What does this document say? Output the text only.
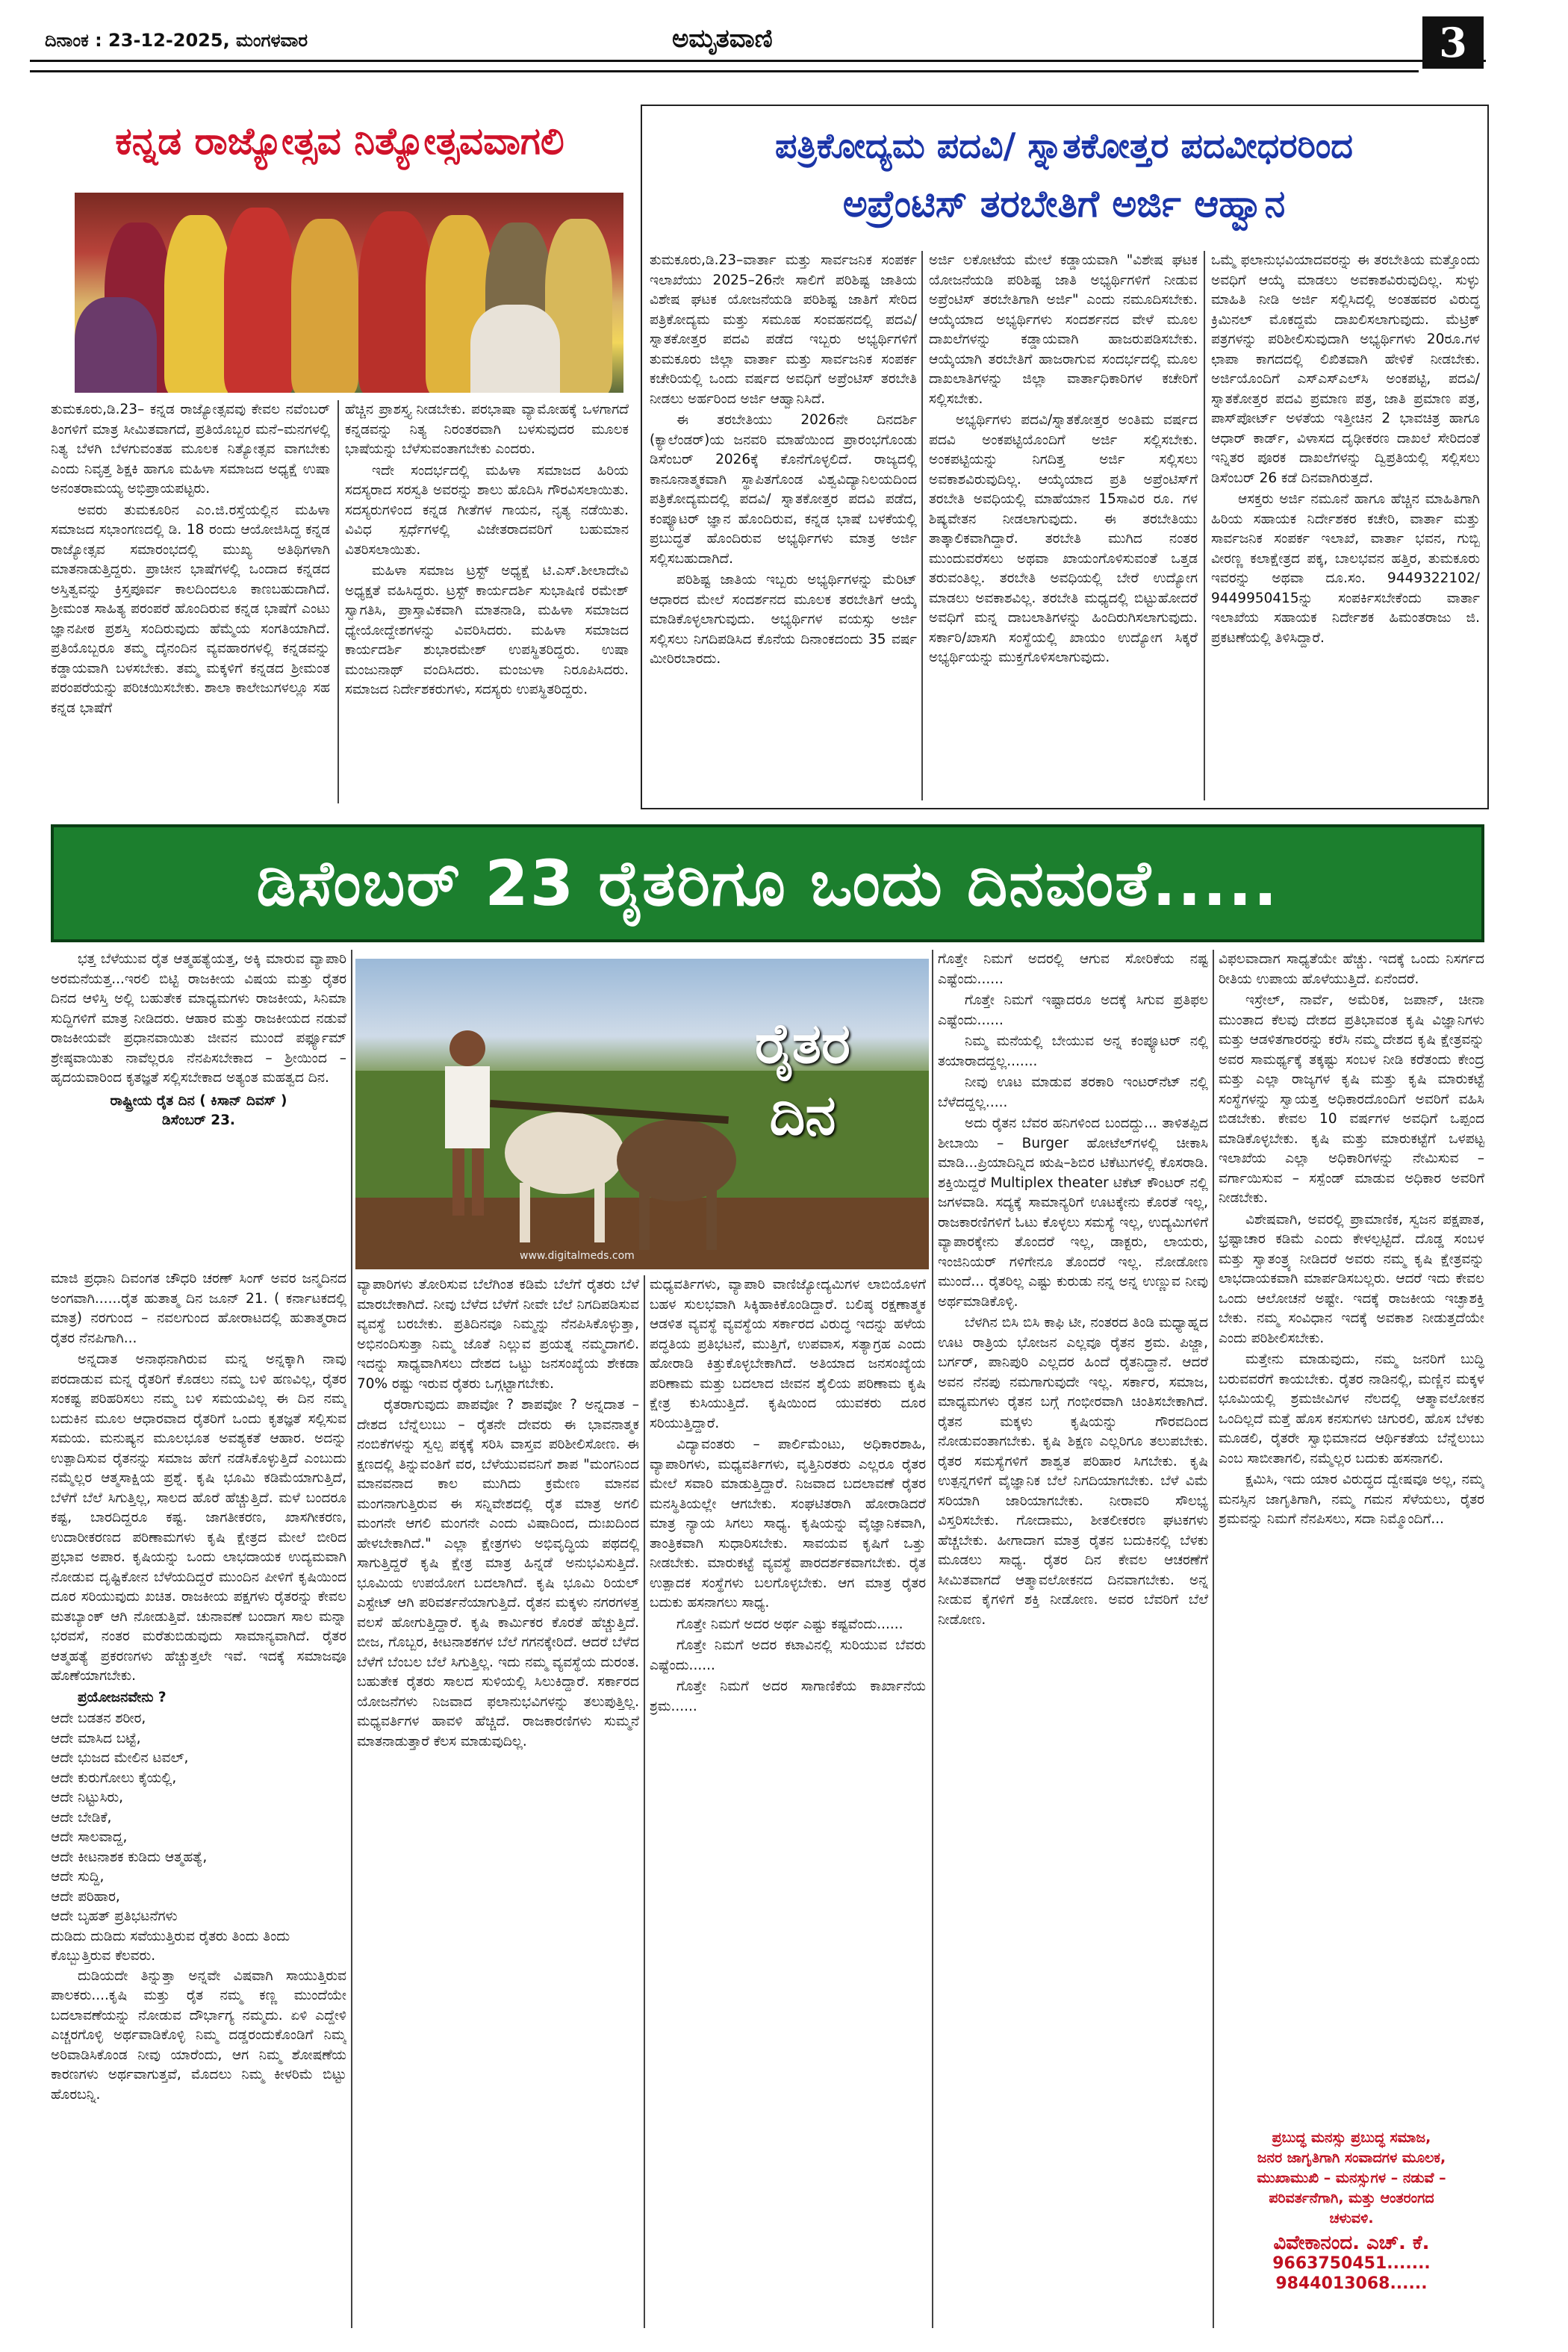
ದಿನಾಂಕ : 23-12-2025, ಮಂಗಳವಾರ	ಅಮೃತವಾಣಿ	3
ಕನ್ನಡ ರಾಜ್ಯೋತ್ಸವ ನಿತ್ಯೋತ್ಸವವಾಗಲಿ

ತುಮಕೂರು,ಡಿ.23– ಕನ್ನಡ ರಾಜ್ಯೋತ್ಸವವು ಕೇವಲ ನವೆಂಬರ್ ತಿಂಗಳಿಗೆ ಮಾತ್ರ ಸೀಮಿತವಾಗದೆ, ಪ್ರತಿಯೊಬ್ಬರ ಮನೆ–ಮನಗಳಲ್ಲಿ ನಿತ್ಯ ಬೆಳಗಿ ಬೆಳಗುವಂತಹ ಮೂಲಕ ನಿತ್ಯೋತ್ಸವ ವಾಗಬೇಕು ಎಂದು ನಿವೃತ್ತ ಶಿಕ್ಷಕಿ ಹಾಗೂ ಮಹಿಳಾ ಸಮಾಜದ ಅಧ್ಯಕ್ಷೆ ಉಷಾ ಅನಂತರಾಮಯ್ಯ ಅಭಿಪ್ರಾಯಪಟ್ಟರು.

ಅವರು ತುಮಕೂರಿನ ಎಂ.ಜಿ.ರಸ್ತೆಯಲ್ಲಿನ ಮಹಿಳಾ ಸಮಾಜದ ಸಭಾಂಗಣದಲ್ಲಿ ಡಿ. 18 ರಂದು ಆಯೋಜಿಸಿದ್ದ ಕನ್ನಡ ರಾಜ್ಯೋತ್ಸವ ಸಮಾರಂಭದಲ್ಲಿ ಮುಖ್ಯ ಅತಿಥಿಗಳಾಗಿ ಮಾತನಾಡುತ್ತಿದ್ದರು. ಪ್ರಾಚೀನ ಭಾಷೆಗಳಲ್ಲಿ ಒಂದಾದ ಕನ್ನಡದ ಅಸ್ತಿತ್ವವನ್ನು ಕ್ರಿಸ್ತಪೂರ್ವ ಕಾಲದಿಂದಲೂ ಕಾಣಬಹುದಾಗಿದೆ. ಶ್ರೀಮಂತ ಸಾಹಿತ್ಯ ಪರಂಪರೆ ಹೊಂದಿರುವ ಕನ್ನಡ ಭಾಷೆಗೆ ಎಂಟು ಜ್ಞಾನಪೀಠ ಪ್ರಶಸ್ತಿ ಸಂದಿರುವುದು ಹೆಮ್ಮೆಯ ಸಂಗತಿಯಾಗಿದೆ. ಪ್ರತಿಯೊಬ್ಬರೂ ತಮ್ಮ ದೈನಂದಿನ ವ್ಯವಹಾರಗಳಲ್ಲಿ ಕನ್ನಡವನ್ನು ಕಡ್ಡಾಯವಾಗಿ ಬಳಸಬೇಕು. ತಮ್ಮ ಮಕ್ಕಳಿಗೆ ಕನ್ನಡದ ಶ್ರೀಮಂತ ಪರಂಪರೆಯನ್ನು ಪರಿಚಯಿಸಬೇಕು. ಶಾಲಾ ಕಾಲೇಜುಗಳಲ್ಲೂ ಸಹ ಕನ್ನಡ ಭಾಷೆಗೆ

ಹೆಚ್ಚಿನ ಪ್ರಾಶಸ್ತ್ಯ ನೀಡಬೇಕು. ಪರಭಾಷಾ ವ್ಯಾಮೋಹಕ್ಕೆ ಒಳಗಾಗದೆ ಕನ್ನಡವನ್ನು ನಿತ್ಯ ನಿರಂತರವಾಗಿ ಬಳಸುವುದರ ಮೂಲಕ ಭಾಷೆಯನ್ನು ಬೆಳೆಸುವಂತಾಗಬೇಕು ಎಂದರು.

ಇದೇ ಸಂದರ್ಭದಲ್ಲಿ ಮಹಿಳಾ ಸಮಾಜದ ಹಿರಿಯ ಸದಸ್ಯರಾದ ಸರಸ್ವತಿ ಅವರನ್ನು ಶಾಲು ಹೊದಿಸಿ ಗೌರವಿಸಲಾಯಿತು. ಸದಸ್ಯರುಗಳಿಂದ ಕನ್ನಡ ಗೀತೆಗಳ ಗಾಯನ, ನೃತ್ಯ ನಡೆಯಿತು. ವಿವಿಧ ಸ್ಪರ್ಧೆಗಳಲ್ಲಿ ವಿಜೇತರಾದವರಿಗೆ ಬಹುಮಾನ ವಿತರಿಸಲಾಯಿತು.

ಮಹಿಳಾ ಸಮಾಜ ಟ್ರಸ್ಟ್ ಅಧ್ಯಕ್ಷೆ ಟಿ.ಎಸ್.ಶೀಲಾದೇವಿ ಅಧ್ಯಕ್ಷತೆ ವಹಿಸಿದ್ದರು. ಟ್ರಸ್ಟ್ ಕಾರ್ಯದರ್ಶಿ ಸುಭಾಷಿಣಿ ರಮೇಶ್ ಸ್ವಾಗತಿಸಿ, ಪ್ರಾಸ್ತಾವಿಕವಾಗಿ ಮಾತನಾಡಿ, ಮಹಿಳಾ ಸಮಾಜದ ಧ್ಯೇಯೋದ್ದೇಶಗಳನ್ನು ವಿವರಿಸಿದರು. ಮಹಿಳಾ ಸಮಾಜದ ಕಾರ್ಯದರ್ಶಿ ಶುಭಾರಮೇಶ್ ಉಪಸ್ಥಿತರಿದ್ದರು. ಉಷಾ ಮಂಜುನಾಥ್ ವಂದಿಸಿದರು. ಮಂಜುಳಾ ನಿರೂಪಿಸಿದರು. ಸಮಾಜದ ನಿರ್ದೇಶಕರುಗಳು, ಸದಸ್ಯರು ಉಪಸ್ಥಿತರಿದ್ದರು.

ಪತ್ರಿಕೋದ್ಯಮ ಪದವಿ/ ಸ್ನಾತಕೋತ್ತರ ಪದವೀಧರರಿಂದ
ಅಪ್ರೆಂಟಿಸ್ ತರಬೇತಿಗೆ ಅರ್ಜಿ ಆಹ್ವಾನ

ತುಮಕೂರು,ಡಿ.23–ವಾರ್ತಾ ಮತ್ತು ಸಾರ್ವಜನಿಕ ಸಂಪರ್ಕ ಇಲಾಖೆಯು 2025–26ನೇ ಸಾಲಿಗೆ ಪರಿಶಿಷ್ಟ ಜಾತಿಯ ವಿಶೇಷ ಘಟಕ ಯೋಜನೆಯಡಿ ಪರಿಶಿಷ್ಟ ಜಾತಿಗೆ ಸೇರಿದ ಪತ್ರಿಕೋದ್ಯಮ ಮತ್ತು ಸಮೂಹ ಸಂವಹನದಲ್ಲಿ ಪದವಿ/ ಸ್ನಾತಕೋತ್ತರ ಪದವಿ ಪಡೆದ ಇಬ್ಬರು ಅಭ್ಯರ್ಥಿಗಳಿಗೆ ತುಮಕೂರು ಜಿಲ್ಲಾ ವಾರ್ತಾ ಮತ್ತು ಸಾರ್ವಜನಿಕ ಸಂಪರ್ಕ ಕಚೇರಿಯಲ್ಲಿ ಒಂದು ವರ್ಷದ ಅವಧಿಗೆ ಅಪ್ರೆಂಟಿಸ್ ತರಬೇತಿ ನೀಡಲು ಅರ್ಹರಿಂದ ಅರ್ಜಿ ಆಹ್ವಾನಿಸಿದೆ.

ಈ ತರಬೇತಿಯು 2026ನೇ ದಿನದರ್ಶಿ (ಕ್ಯಾಲೆಂಡರ್)ಯ ಜನವರಿ ಮಾಹೆಯಿಂದ ಪ್ರಾರಂಭಗೊಂಡು ಡಿಸೆಂಬರ್ 2026ಕ್ಕೆ ಕೊನೆಗೊಳ್ಳಲಿದೆ. ರಾಜ್ಯದಲ್ಲಿ ಕಾನೂನಾತ್ಮಕವಾಗಿ ಸ್ಥಾಪಿತಗೊಂಡ ವಿಶ್ವವಿದ್ಯಾನಿಲಯದಿಂದ ಪತ್ರಿಕೋದ್ಯಮದಲ್ಲಿ ಪದವಿ/ ಸ್ನಾತಕೋತ್ತರ ಪದವಿ ಪಡೆದ, ಕಂಪ್ಯೂಟರ್ ಜ್ಞಾನ ಹೊಂದಿರುವ, ಕನ್ನಡ ಭಾಷೆ ಬಳಕೆಯಲ್ಲಿ ಪ್ರಬುದ್ಧತೆ ಹೊಂದಿರುವ ಅಭ್ಯರ್ಥಿಗಳು ಮಾತ್ರ ಅರ್ಜಿ ಸಲ್ಲಿಸಬಹುದಾಗಿದೆ.

ಪರಿಶಿಷ್ಟ ಜಾತಿಯ ಇಬ್ಬರು ಅಭ್ಯರ್ಥಿಗಳನ್ನು ಮೆರಿಟ್ ಆಧಾರದ ಮೇಲೆ ಸಂದರ್ಶನದ ಮೂಲಕ ತರಬೇತಿಗೆ ಆಯ್ಕೆ ಮಾಡಿಕೊಳ್ಳಲಾಗುವುದು. ಅಭ್ಯರ್ಥಿಗಳ ವಯಸ್ಸು ಅರ್ಜಿ ಸಲ್ಲಿಸಲು ನಿಗದಿಪಡಿಸಿದ ಕೊನೆಯ ದಿನಾಂಕದಂದು 35 ವರ್ಷ ಮೀರಿರಬಾರದು.

ಅರ್ಜಿ ಲಕೋಟೆಯ ಮೇಲೆ ಕಡ್ಡಾಯವಾಗಿ "ವಿಶೇಷ ಘಟಕ ಯೋಜನೆಯಡಿ ಪರಿಶಿಷ್ಟ ಜಾತಿ ಅಭ್ಯರ್ಥಿಗಳಿಗೆ ನೀಡುವ ಅಪ್ರೆಂಟಿಸ್ ತರಬೇತಿಗಾಗಿ ಅರ್ಜಿ" ಎಂದು ನಮೂದಿಸಬೇಕು. ಆಯ್ಕೆಯಾದ ಅಭ್ಯರ್ಥಿಗಳು ಸಂದರ್ಶನದ ವೇಳೆ ಮೂಲ ದಾಖಲೆಗಳನ್ನು ಕಡ್ಡಾಯವಾಗಿ ಹಾಜರುಪಡಿಸಬೇಕು. ಆಯ್ಕೆಯಾಗಿ ತರಬೇತಿಗೆ ಹಾಜರಾಗುವ ಸಂದರ್ಭದಲ್ಲಿ ಮೂಲ ದಾಖಲಾತಿಗಳನ್ನು ಜಿಲ್ಲಾ ವಾರ್ತಾಧಿಕಾರಿಗಳ ಕಚೇರಿಗೆ ಸಲ್ಲಿಸಬೇಕು.

ಅಭ್ಯರ್ಥಿಗಳು ಪದವಿ/ಸ್ನಾತಕೋತ್ತರ ಅಂತಿಮ ವರ್ಷದ ಪದವಿ ಅಂಕಪಟ್ಟಿಯೊಂದಿಗೆ ಅರ್ಜಿ ಸಲ್ಲಿಸಬೇಕು. ಅಂಕಪಟ್ಟಿಯನ್ನು ನಿಗದಿತ್ತ ಅರ್ಜಿ ಸಲ್ಲಿಸಲು ಅವಕಾಶವಿರುವುದಿಲ್ಲ. ಆಯ್ಕೆಯಾದ ಪ್ರತಿ ಅಪ್ರೆಂಟಿಸ್‌ಗೆ ತರಬೇತಿ ಅವಧಿಯಲ್ಲಿ ಮಾಹೆಯಾನ 15ಸಾವಿರ ರೂ. ಗಳ ಶಿಷ್ಯವೇತನ ನೀಡಲಾಗುವುದು. ಈ ತರಬೇತಿಯು ತಾತ್ಕಾಲಿಕವಾಗಿದ್ದಾರೆ. ತರಬೇತಿ ಮುಗಿದ ನಂತರ ಮುಂದುವರೆಸಲು ಅಥವಾ ಖಾಯಂಗೊಳಿಸುವಂತೆ ಒತ್ತಡ ತರುವಂತಿಲ್ಲ. ತರಬೇತಿ ಅವಧಿಯಲ್ಲಿ ಬೇರೆ ಉದ್ಯೋಗ ಮಾಡಲು ಅವಕಾಶವಿಲ್ಲ. ತರಬೇತಿ ಮಧ್ಯದಲ್ಲಿ ಬಿಟ್ಟುಹೋದರೆ ಅವಧಿಗೆ ಮನ್ನ ದಾಬಲಾತಿಗಳನ್ನು ಹಿಂದಿರುಗಿಸಲಾಗುವುದು. ಸರ್ಕಾರಿ/ಖಾಸಗಿ ಸಂಸ್ಥೆಯಲ್ಲಿ ಖಾಯಂ ಉದ್ಯೋಗ ಸಿಕ್ಕರೆ ಅಭ್ಯರ್ಥಿಯನ್ನು ಮುಕ್ತಗೊಳಿಸಲಾಗುವುದು.

ಒಮ್ಮೆ ಫಲಾನುಭವಿಯಾದವರನ್ನು ಈ ತರಬೇತಿಯ ಮತ್ತೊಂದು ಅವಧಿಗೆ ಆಯ್ಕೆ ಮಾಡಲು ಅವಕಾಶವಿರುವುದಿಲ್ಲ. ಸುಳ್ಳು ಮಾಹಿತಿ ನೀಡಿ ಅರ್ಜಿ ಸಲ್ಲಿಸಿದಲ್ಲಿ ಅಂತಹವರ ವಿರುದ್ಧ ಕ್ರಿಮಿನಲ್ ಮೊಕದ್ದಮೆ ದಾಖಲಿಸಲಾಗುವುದು. ಮೆಟ್ರಿಕ್ ಪತ್ರಗಳನ್ನು ಪರಿಶೀಲಿಸುವುದಾಗಿ ಅಭ್ಯರ್ಥಿಗಳು 20ರೂ.ಗಳ ಛಾಪಾ ಕಾಗದದಲ್ಲಿ ಲಿಖಿತವಾಗಿ ಹೇಳಿಕೆ ನೀಡಬೇಕು. ಅರ್ಜಿಯೊಂದಿಗೆ ಎಸ್‌ಎಸ್‌ಎಲ್‌ಸಿ ಅಂಕಪಟ್ಟಿ, ಪದವಿ/ಸ್ನಾತಕೋತ್ತರ ಪದವಿ ಪ್ರಮಾಣ ಪತ್ರ, ಜಾತಿ ಪ್ರಮಾಣ ಪತ್ರ, ಪಾಸ್‌ಪೋರ್ಟ್ ಅಳತೆಯ ಇತ್ತೀಚಿನ 2 ಭಾವಚಿತ್ರ ಹಾಗೂ ಆಧಾರ್ ಕಾರ್ಡ್, ವಿಳಾಸದ ದೃಢೀಕರಣ ದಾಖಲೆ ಸೇರಿದಂತೆ ಇನ್ನಿತರ ಪೂರಕ ದಾಖಲೆಗಳನ್ನು ದ್ವಿಪ್ರತಿಯಲ್ಲಿ ಸಲ್ಲಿಸಲು ಡಿಸೆಂಬರ್ 26 ಕಡೆ ದಿನವಾಗಿರುತ್ತದೆ.

ಆಸಕ್ತರು ಅರ್ಜಿ ನಮೂನೆ ಹಾಗೂ ಹೆಚ್ಚಿನ ಮಾಹಿತಿಗಾಗಿ ಹಿರಿಯ ಸಹಾಯಕ ನಿರ್ದೇಶಕರ ಕಚೇರಿ, ವಾರ್ತಾ ಮತ್ತು ಸಾರ್ವಜನಿಕ ಸಂಪರ್ಕ ಇಲಾಖೆ, ವಾರ್ತಾ ಭವನ, ಗುಬ್ಬಿ ವೀರಣ್ಣ ಕಲಾಕ್ಷೇತ್ರದ ಪಕ್ಕ, ಬಾಲಭವನ ಹತ್ತಿರ, ತುಮಕೂರು ಇವರನ್ನು ಅಥವಾ ದೂ.ಸಂ. 9449322102/ 9449950415ನ್ನು ಸಂಪರ್ಕಿಸಬೇಕೆಂದು ವಾರ್ತಾ ಇಲಾಖೆಯ ಸಹಾಯಕ ನಿರ್ದೇಶಕ ಹಿಮಂತರಾಜು ಜಿ. ಪ್ರಕಟಣೆಯಲ್ಲಿ ತಿಳಿಸಿದ್ದಾರೆ.

ಡಿಸೆಂಬರ್ 23 ರೈತರಿಗೂ ಒಂದು ದಿನವಂತೆ.....
www.digitalmeds.com
ರೈತರ
ದಿನ

ಭತ್ತ ಬೆಳೆಯುವ ರೈತ ಆತ್ಮಹತ್ಯೆಯತ್ತ, ಅಕ್ಕಿ ಮಾರುವ ವ್ಯಾಪಾರಿ ಅರಮನೆಯತ್ತ...ಇರಲಿ ಬಿಟ್ಟಿ ರಾಜಕೀಯ ವಿಷಯ ಮತ್ತು ರೈತರ ದಿನದ ಆಳಿಸ್ತಿ ಅಲ್ಲಿ ಬಹುತೇಕ ಮಾಧ್ಯಮಗಳು ರಾಜಕೀಯ, ಸಿನಿಮಾ ಸುದ್ದಿಗಳಿಗೆ ಮಾತ್ರ ನೀಡಿದರು. ಆಹಾರ ಮತ್ತು ರಾಜಕೀಯದ ನಡುವೆ ರಾಜಕೀಯವೇ ಪ್ರಧಾನವಾಯಿತು ಜೀವನ ಮುಂದೆ ಪರ್ಫ್ಯೂಮ್ ಶ್ರೇಷ್ಠವಾಯಿತು ನಾವೆಲ್ಲರೂ ನೆನಪಿಸಬೇಕಾದ – ಶ್ರೀಯಿಂದ – ಹೃದಯವಾರಿಂದ ಕೃತಜ್ಞತೆ ಸಲ್ಲಿಸಬೇಕಾದ ಅತ್ಯಂತ ಮಹತ್ವದ ದಿನ.

ರಾಷ್ಟ್ರೀಯ ರೈತ ದಿನ ( ಕಿಸಾನ್ ದಿವಸ್ )
ಡಿಸೆಂಬರ್ 23.

ಮಾಜಿ ಪ್ರಧಾನಿ ದಿವಂಗತ ಚೌಧರಿ ಚರಣ್ ಸಿಂಗ್ ಅವರ ಜನ್ಮದಿನದ ಅಂಗವಾಗಿ......ರೈತ ಹುತಾತ್ಮ ದಿನ ಜೂನ್ 21. ( ಕರ್ನಾಟಕದಲ್ಲಿ ಮಾತ್ರ) ನರಗುಂದ – ನವಲಗುಂದ ಹೋರಾಟದಲ್ಲಿ ಹುತಾತ್ಮರಾದ ರೈತರ ನೆನಪಿಗಾಗಿ...

ಅನ್ನದಾತ ಅನಾಥನಾಗಿರುವ ಮನ್ನ ಅನ್ನಕ್ಕಾಗಿ ನಾವು ಪರದಾಡುವ ಮನ್ನ ರೈತರಿಗೆ ಕೊಡಲು ನಮ್ಮ ಬಳಿ ಹಣವಿಲ್ಲ, ರೈತರ ಸಂಕಷ್ಟ ಪರಿಹರಿಸಲು ನಮ್ಮ ಬಳಿ ಸಮಯವಿಲ್ಲ ಈ ದಿನ ನಮ್ಮ ಬದುಕಿನ ಮೂಲ ಆಧಾರವಾದ ರೈತರಿಗೆ ಒಂದು ಕೃತಜ್ಞತೆ ಸಲ್ಲಿಸುವ ಸಮಯ. ಮನುಷ್ಯನ ಮೂಲಭೂತ ಅವಶ್ಯಕತೆ ಆಹಾರ. ಅದನ್ನು ಉತ್ಪಾದಿಸುವ ರೈತನನ್ನು ಸಮಾಜ ಹೇಗೆ ನಡೆಸಿಕೊಳ್ಳುತ್ತಿದೆ ಎಂಬುದು ನಮ್ಮೆಲ್ಲರ ಆತ್ಮಸಾಕ್ಷಿಯ ಪ್ರಶ್ನೆ. ಕೃಷಿ ಭೂಮಿ ಕಡಿಮೆಯಾಗುತ್ತಿದೆ, ಬೆಳೆಗೆ ಬೆಲೆ ಸಿಗುತ್ತಿಲ್ಲ, ಸಾಲದ ಹೊರೆ ಹೆಚ್ಚುತ್ತಿದೆ. ಮಳೆ ಬಂದರೂ ಕಷ್ಟ, ಬಾರದಿದ್ದರೂ ಕಷ್ಟ. ಜಾಗತೀಕರಣ, ಖಾಸಗೀಕರಣ, ಉದಾರೀಕರಣದ ಪರಿಣಾಮಗಳು ಕೃಷಿ ಕ್ಷೇತ್ರದ ಮೇಲೆ ಬೀರಿದ ಪ್ರಭಾವ ಅಪಾರ. ಕೃಷಿಯನ್ನು ಒಂದು ಲಾಭದಾಯಕ ಉದ್ಯಮವಾಗಿ ನೋಡುವ ದೃಷ್ಟಿಕೋನ ಬೆಳೆಯದಿದ್ದರೆ ಮುಂದಿನ ಪೀಳಿಗೆ ಕೃಷಿಯಿಂದ ದೂರ ಸರಿಯುವುದು ಖಚಿತ. ರಾಜಕೀಯ ಪಕ್ಷಗಳು ರೈತರನ್ನು ಕೇವಲ ಮತಬ್ಯಾಂಕ್ ಆಗಿ ನೋಡುತ್ತಿವೆ. ಚುನಾವಣೆ ಬಂದಾಗ ಸಾಲ ಮನ್ನಾ ಭರವಸೆ, ನಂತರ ಮರೆತುಬಿಡುವುದು ಸಾಮಾನ್ಯವಾಗಿದೆ. ರೈತರ ಆತ್ಮಹತ್ಯೆ ಪ್ರಕರಣಗಳು ಹೆಚ್ಚುತ್ತಲೇ ಇವೆ. ಇದಕ್ಕೆ ಸಮಾಜವೂ ಹೊಣೆಯಾಗಬೇಕು.

ಪ್ರಯೋಜನವೇನು ?
ಆದೇ ಬಡತನ ಶರೀರ,
ಆದೇ ಮಾಸಿದ ಬಟ್ಟೆ,
ಆದೇ ಭುಜದ ಮೇಲಿನ ಟವಲ್,
ಆದೇ ಕುರುಗೋಲು ಕೈಯಲ್ಲಿ,
ಆದೇ ನಿಟ್ಟುಸಿರು,
ಆದೇ ಬೇಡಿಕೆ,
ಆದೇ ಸಾಲವಾದ್ದ,
ಆದೇ ಕೀಟನಾಶಕ ಕುಡಿದು ಆತ್ಮಹತ್ಯೆ,
ಆದೇ ಸುದ್ದಿ,
ಆದೇ ಪರಿಹಾರ,
ಆದೇ ಬೃಹತ್ ಪ್ರತಿಭಟನೆಗಳು
ದುಡಿದು ದುಡಿದು ಸವೆಯುತ್ತಿರುವ ರೈತರು ತಿಂದು ತಿಂದು ಕೊಬ್ಬುತ್ತಿರುವ ಕೆಲವರು.

ದುಡಿಯದೇ ತಿನ್ನುತ್ತಾ ಅನ್ನವೇ ವಿಷವಾಗಿ ಸಾಯುತ್ತಿರುವ ಪಾಲಕರು....ಕೃಷಿ ಮತ್ತು ರೈತ ನಮ್ಮ ಕಣ್ಣ ಮುಂದೆಯೇ ಬದಲಾವಣೆಯನ್ನು ನೋಡುವ ದೌರ್ಭಾಗ್ಯ ನಮ್ಮದು. ಏಳಿ ಎದ್ದೇಳಿ ಎಚ್ಚರಗೊಳ್ಳಿ ಅರ್ಥವಾಡಿಕೊಳ್ಳಿ ನಿಮ್ಮ ದಡ್ಡರಂದುಕೊಂಡಿಗೆ ನಿಮ್ಮ ಅರಿವಾಡಿಸಿಕೊಂಡ ನೀವು ಯಾರೆಂದು, ಆಗ ನಿಮ್ಮ ಶೋಷಣೆಯ ಕಾರಣಗಳು ಅರ್ಥವಾಗುತ್ತವೆ, ಮೊದಲು ನಿಮ್ಮ ಕೀಳರಿಮೆ ಬಿಟ್ಟು ಹೊರಬನ್ನಿ.

ವ್ಯಾಪಾರಿಗಳು ತೋರಿಸುವ ಬೆಲೆಗಿಂತ ಕಡಿಮೆ ಬೆಲೆಗೆ ರೈತರು ಬೆಳೆ ಮಾರಬೇಕಾಗಿದೆ. ನೀವು ಬೆಳೆದ ಬೆಳೆಗೆ ನೀವೇ ಬೆಲೆ ನಿಗದಿಪಡಿಸುವ ವ್ಯವಸ್ಥೆ ಬರಬೇಕು. ಪ್ರತಿದಿನವೂ ನಿಮ್ಮನ್ನು ನೆನಪಿಸಿಕೊಳ್ಳುತ್ತಾ, ಅಭಿನಂದಿಸುತ್ತಾ ನಿಮ್ಮ ಜೊತೆ ನಿಲ್ಲುವ ಪ್ರಯತ್ನ ನಮ್ಮದಾಗಲಿ. ಇದನ್ನು ಸಾಧ್ಯವಾಗಿಸಲು ದೇಶದ ಒಟ್ಟು ಜನಸಂಖ್ಯೆಯ ಶೇಕಡಾ 70% ರಷ್ಟು ಇರುವ ರೈತರು ಒಗ್ಗಟ್ಟಾಗಬೇಕು.

ರೈತರಾಗುವುದು ಪಾಪವೋ ? ಶಾಪವೋ ? ಅನ್ನದಾತ – ದೇಶದ ಬೆನ್ನೆಲುಬು – ರೈತನೇ ದೇವರು ಈ ಭಾವನಾತ್ಮಕ ನಂಬಿಕೆಗಳನ್ನು ಸ್ವಲ್ಪ ಪಕ್ಕಕ್ಕೆ ಸರಿಸಿ ವಾಸ್ತವ ಪರಿಶೀಲಿಸೋಣ. ಈ ಕ್ಷಣದಲ್ಲಿ ತಿನ್ನುವಂತಿಗೆ ವರ, ಬೆಳೆಯುವವನಿಗೆ ಶಾಪ "ಮಂಗನಿಂದ ಮಾನವನಾದ ಕಾಲ ಮುಗಿದು ಕ್ರಮೇಣ ಮಾನವ ಮಂಗನಾಗುತ್ತಿರುವ ಈ ಸನ್ನಿವೇಶದಲ್ಲಿ ರೈತ ಮಾತ್ರ ಅಗಲಿ ಮಂಗನೇ ಆಗಲಿ ಮಂಗನೇ ಎಂದು ವಿಷಾದಿಂದ, ದುಃಖದಿಂದ ಹೇಳಬೇಕಾಗಿದೆ." ಎಲ್ಲಾ ಕ್ಷೇತ್ರಗಳು ಅಭಿವೃದ್ಧಿಯ ಪಥದಲ್ಲಿ ಸಾಗುತ್ತಿದ್ದರೆ ಕೃಷಿ ಕ್ಷೇತ್ರ ಮಾತ್ರ ಹಿನ್ನಡೆ ಅನುಭವಿಸುತ್ತಿದೆ. ಭೂಮಿಯ ಉಪಯೋಗ ಬದಲಾಗಿದೆ. ಕೃಷಿ ಭೂಮಿ ರಿಯಲ್ ಎಸ್ಟೇಟ್ ಆಗಿ ಪರಿವರ್ತನೆಯಾಗುತ್ತಿದೆ. ರೈತನ ಮಕ್ಕಳು ನಗರಗಳತ್ತ ವಲಸೆ ಹೋಗುತ್ತಿದ್ದಾರೆ. ಕೃಷಿ ಕಾರ್ಮಿಕರ ಕೊರತೆ ಹೆಚ್ಚುತ್ತಿದೆ. ಬೀಜ, ಗೊಬ್ಬರ, ಕೀಟನಾಶಕಗಳ ಬೆಲೆ ಗಗನಕ್ಕೇರಿದೆ. ಆದರೆ ಬೆಳೆದ ಬೆಳೆಗೆ ಬೆಂಬಲ ಬೆಲೆ ಸಿಗುತ್ತಿಲ್ಲ. ಇದು ನಮ್ಮ ವ್ಯವಸ್ಥೆಯ ದುರಂತ. ಬಹುತೇಕ ರೈತರು ಸಾಲದ ಸುಳಿಯಲ್ಲಿ ಸಿಲುಕಿದ್ದಾರೆ. ಸರ್ಕಾರದ ಯೋಜನೆಗಳು ನಿಜವಾದ ಫಲಾನುಭವಿಗಳನ್ನು ತಲುಪುತ್ತಿಲ್ಲ. ಮಧ್ಯವರ್ತಿಗಳ ಹಾವಳಿ ಹೆಚ್ಚಿದೆ. ರಾಜಕಾರಣಿಗಳು ಸುಮ್ಮನೆ ಮಾತನಾಡುತ್ತಾರೆ ಕೆಲಸ ಮಾಡುವುದಿಲ್ಲ.

ಮಧ್ಯವರ್ತಿಗಳು, ವ್ಯಾಪಾರಿ ವಾಣಿಜ್ಯೋದ್ಯಮಿಗಳ ಲಾಬಿಯೊಳಗೆ ಬಹಳ ಸುಲಭವಾಗಿ ಸಿಕ್ಕಿಹಾಕಿಕೊಂಡಿದ್ದಾರೆ. ಬಲಿಷ್ಠ ರಕ್ಷಣಾತ್ಮಕ ಆಡಳಿತ ವ್ಯವಸ್ಥೆ ವ್ಯವಸ್ಥೆಯ ಸರ್ಕಾರದ ವಿರುದ್ಧ ಇದನ್ನು ಹಳೆಯ ಪದ್ಧತಿಯ ಪ್ರತಿಭಟನೆ, ಮುತ್ತಿಗೆ, ಉಪವಾಸ, ಸತ್ಯಾಗ್ರಹ ಎಂದು ಹೋರಾಡಿ ಕಿತ್ತುಕೊಳ್ಳಬೇಕಾಗಿದೆ. ಅತಿಯಾದ ಜನಸಂಖ್ಯೆಯ ಪರಿಣಾಮ ಮತ್ತು ಬದಲಾದ ಜೀವನ ಶೈಲಿಯ ಪರಿಣಾಮ ಕೃಷಿ ಕ್ಷೇತ್ರ ಕುಸಿಯುತ್ತಿದೆ. ಕೃಷಿಯಿಂದ ಯುವಕರು ದೂರ ಸರಿಯುತ್ತಿದ್ದಾರೆ.

ವಿದ್ಯಾವಂತರು – ಪಾರ್ಲಿಮೆಂಟು, ಅಧಿಕಾರಶಾಹಿ, ವ್ಯಾಪಾರಿಗಳು, ಮಧ್ಯವರ್ತಿಗಳು, ವೃತ್ತಿನಿರತರು ಎಲ್ಲರೂ ರೈತರ ಮೇಲೆ ಸವಾರಿ ಮಾಡುತ್ತಿದ್ದಾರೆ. ನಿಜವಾದ ಬದಲಾವಣೆ ರೈತರ ಮನಸ್ಥಿತಿಯಲ್ಲೇ ಆಗಬೇಕು. ಸಂಘಟಿತರಾಗಿ ಹೋರಾಡಿದರೆ ಮಾತ್ರ ನ್ಯಾಯ ಸಿಗಲು ಸಾಧ್ಯ. ಕೃಷಿಯನ್ನು ವೈಜ್ಞಾನಿಕವಾಗಿ, ತಾಂತ್ರಿಕವಾಗಿ ಸುಧಾರಿಸಬೇಕು. ಸಾವಯವ ಕೃಷಿಗೆ ಒತ್ತು ನೀಡಬೇಕು. ಮಾರುಕಟ್ಟೆ ವ್ಯವಸ್ಥೆ ಪಾರದರ್ಶಕವಾಗಬೇಕು. ರೈತ ಉತ್ಪಾದಕ ಸಂಸ್ಥೆಗಳು ಬಲಗೊಳ್ಳಬೇಕು. ಆಗ ಮಾತ್ರ ರೈತರ ಬದುಕು ಹಸನಾಗಲು ಸಾಧ್ಯ.

ಗೊತ್ತೇ ನಿಮಗೆ ಅದರ ಅರ್ಥ ಎಷ್ಟು ಕಷ್ಟವೆಂದು......

ಗೊತ್ತೇ ನಿಮಗೆ ಅದರ ಕಟಾವಿನಲ್ಲಿ ಸುರಿಯುವ ಬೆವರು ಎಷ್ಟೆಂದು......

ಗೊತ್ತೇ ನಿಮಗೆ ಅದರ ಸಾಗಾಣಿಕೆಯ ಕಾರ್ಖಾನೆಯ ಶ್ರಮ......

ಗೊತ್ತೇ ನಿಮಗೆ ಅದರಲ್ಲಿ ಆಗುವ ಸೋರಿಕೆಯ ನಷ್ಟ ಎಷ್ಟೆಂದು......

ಗೊತ್ತೇ ನಿಮಗೆ ಇಷ್ಟಾದರೂ ಅದಕ್ಕೆ ಸಿಗುವ ಪ್ರತಿಫಲ ಎಷ್ಟೆಂದು......

ನಿಮ್ಮ ಮನೆಯಲ್ಲಿ ಬೇಯುವ ಅನ್ನ ಕಂಪ್ಯೂಟರ್ ನಲ್ಲಿ ತಯಾರಾದದ್ದಲ್ಲ.......

ನೀವು ಊಟ ಮಾಡುವ ತರಕಾರಿ ಇಂಟರ್‌ನೆಟ್ ನಲ್ಲಿ ಬೆಳೆದದ್ದಲ್ಲ.....

ಅದು ರೈತನ ಬೆವರ ಹನಿಗಳಿಂದ ಬಂದದ್ದು... ತಾಳಿತಪ್ಪಿದ ಶೀಬಾಯಿ – Burger ಹೋಟೆಲ್‌ಗಳಲ್ಲಿ ಚೀಕಾಸಿ ಮಾಡಿ...ಪ್ರಿಯಾದಿನ್ನಿದ ಋಷಿ–ಶಿಬಿರ ಟಿಕೆಟುಗಳಲ್ಲಿ ಕೊಸರಾಡಿ. ಶಕ್ತಿಯಿದ್ದರೆ Multiplex theater ಟಿಕೆಟ್ ಕೌಂಟರ್ ನಲ್ಲಿ ಜಗಳವಾಡಿ. ಸದ್ಯಕ್ಕೆ ಸಾಮಾನ್ಯರಿಗೆ ಊಟಕ್ಕೇನು ಕೊರತೆ ಇಲ್ಲ, ರಾಜಕಾರಣಿಗಳಿಗೆ ಓಟು ಕೊಳ್ಳಲು ಸಮಸ್ಯೆ ಇಲ್ಲ, ಉದ್ಯಮಿಗಳಿಗೆ ವ್ಯಾಪಾರಕ್ಕೇನು ತೊಂದರೆ ಇಲ್ಲ, ಡಾಕ್ಟರು, ಲಾಯರು, ಇಂಜಿನಿಯರ್ ಗಳಿಗೇನೂ ತೊಂದರೆ ಇಲ್ಲ. ನೋಡೋಣ ಮುಂದೆ... ರೈತರಿಲ್ಲ ಎಷ್ಟು ಕುರುಡು ನನ್ನ ಅನ್ನ ಉಣ್ಣುವ ನೀವು ಅರ್ಥಮಾಡಿಕೊಳ್ಳಿ.

ಬೆಳಗಿನ ಬಿಸಿ ಬಿಸಿ ಕಾಫಿ ಟೀ, ನಂತರದ ತಿಂಡಿ ಮಧ್ಯಾಹ್ನದ ಊಟ ರಾತ್ರಿಯ ಭೋಜನ ಎಲ್ಲವೂ ರೈತನ ಶ್ರಮ. ಪಿಜ್ಜಾ, ಬರ್ಗರ್, ಪಾನಿಪುರಿ ಎಲ್ಲದರ ಹಿಂದೆ ರೈತನಿದ್ದಾನೆ. ಆದರೆ ಅವನ ನೆನಪು ನಮಗಾಗುವುದೇ ಇಲ್ಲ. ಸರ್ಕಾರ, ಸಮಾಜ, ಮಾಧ್ಯಮಗಳು ರೈತನ ಬಗ್ಗೆ ಗಂಭೀರವಾಗಿ ಚಿಂತಿಸಬೇಕಾಗಿದೆ. ರೈತನ ಮಕ್ಕಳು ಕೃಷಿಯನ್ನು ಗೌರವದಿಂದ ನೋಡುವಂತಾಗಬೇಕು. ಕೃಷಿ ಶಿಕ್ಷಣ ಎಲ್ಲರಿಗೂ ತಲುಪಬೇಕು. ರೈತರ ಸಮಸ್ಯೆಗಳಿಗೆ ಶಾಶ್ವತ ಪರಿಹಾರ ಸಿಗಬೇಕು. ಕೃಷಿ ಉತ್ಪನ್ನಗಳಿಗೆ ವೈಜ್ಞಾನಿಕ ಬೆಲೆ ನಿಗದಿಯಾಗಬೇಕು. ಬೆಳೆ ವಿಮೆ ಸರಿಯಾಗಿ ಜಾರಿಯಾಗಬೇಕು. ನೀರಾವರಿ ಸೌಲಭ್ಯ ವಿಸ್ತರಿಸಬೇಕು. ಗೋದಾಮು, ಶೀತಲೀಕರಣ ಘಟಕಗಳು ಹೆಚ್ಚಬೇಕು. ಹೀಗಾದಾಗ ಮಾತ್ರ ರೈತನ ಬದುಕಿನಲ್ಲಿ ಬೆಳಕು ಮೂಡಲು ಸಾಧ್ಯ. ರೈತರ ದಿನ ಕೇವಲ ಆಚರಣೆಗೆ ಸೀಮಿತವಾಗದೆ ಆತ್ಮಾವಲೋಕನದ ದಿನವಾಗಬೇಕು. ಅನ್ನ ನೀಡುವ ಕೈಗಳಿಗೆ ಶಕ್ತಿ ನೀಡೋಣ. ಅವರ ಬೆವರಿಗೆ ಬೆಲೆ ನೀಡೋಣ.

ವಿಫಲವಾದಾಗ ಸಾಧ್ಯತೆಯೇ ಹೆಚ್ಚು. ಇದಕ್ಕೆ ಒಂದು ನಿಸರ್ಗದ ರೀತಿಯ ಉಪಾಯ ಹೊಳೆಯುತ್ತಿದೆ. ಏನೆಂದರೆ.

ಇಸ್ರೇಲ್, ನಾರ್ವೆ, ಅಮೆರಿಕ, ಜಪಾನ್, ಚೀನಾ ಮುಂತಾದ ಕೆಲವು ದೇಶದ ಪ್ರತಿಭಾವಂತ ಕೃಷಿ ವಿಜ್ಞಾನಿಗಳು ಮತ್ತು ಆಡಳಿತಗಾರರನ್ನು ಕರೆಸಿ ನಮ್ಮ ದೇಶದ ಕೃಷಿ ಕ್ಷೇತ್ರವನ್ನು ಅವರ ಸಾಮರ್ಥ್ಯಕ್ಕೆ ತಕ್ಕಷ್ಟು ಸಂಬಳ ನೀಡಿ ಕರೆತಂದು ಕೇಂದ್ರ ಮತ್ತು ಎಲ್ಲಾ ರಾಜ್ಯಗಳ ಕೃಷಿ ಮತ್ತು ಕೃಷಿ ಮಾರುಕಟ್ಟೆ ಸಂಸ್ಥೆಗಳನ್ನು ಸ್ವಾಯತ್ತ ಅಧಿಕಾರದೊಂದಿಗೆ ಅವರಿಗೆ ವಹಿಸಿ ಬಿಡಬೇಕು. ಕೇವಲ 10 ವರ್ಷಗಳ ಅವಧಿಗೆ ಒಪ್ಪಂದ ಮಾಡಿಕೊಳ್ಳಬೇಕು. ಕೃಷಿ ಮತ್ತು ಮಾರುಕಟ್ಟೆಗೆ ಒಳಪಟ್ಟ ಇಲಾಖೆಯ ಎಲ್ಲಾ ಅಧಿಕಾರಿಗಳನ್ನು ನೇಮಿಸುವ – ವರ್ಗಾಯಿಸುವ – ಸಸ್ಪೆಂಡ್ ಮಾಡುವ ಅಧಿಕಾರ ಅವರಿಗೆ ನೀಡಬೇಕು.

ವಿಶೇಷವಾಗಿ, ಅವರಲ್ಲಿ ಪ್ರಾಮಾಣಿಕ, ಸ್ವಜನ ಪಕ್ಷಪಾತ, ಭ್ರಷ್ಟಾಚಾರ ಕಡಿಮೆ ಎಂದು ಕೇಳಲ್ಪಟ್ಟಿದೆ. ದೊಡ್ಡ ಸಂಬಳ ಮತ್ತು ಸ್ವಾತಂತ್ರ್ಯ ನೀಡಿದರೆ ಅವರು ನಮ್ಮ ಕೃಷಿ ಕ್ಷೇತ್ರವನ್ನು ಲಾಭದಾಯಕವಾಗಿ ಮಾರ್ಪಡಿಸಬಲ್ಲರು. ಆದರೆ ಇದು ಕೇವಲ ಒಂದು ಆಲೋಚನೆ ಅಷ್ಟೇ. ಇದಕ್ಕೆ ರಾಜಕೀಯ ಇಚ್ಛಾಶಕ್ತಿ ಬೇಕು. ನಮ್ಮ ಸಂವಿಧಾನ ಇದಕ್ಕೆ ಅವಕಾಶ ನೀಡುತ್ತದೆಯೇ ಎಂದು ಪರಿಶೀಲಿಸಬೇಕು.

ಮತ್ತೇನು ಮಾಡುವುದು, ನಮ್ಮ ಜನರಿಗೆ ಬುದ್ಧಿ ಬರುವವರೆಗೆ ಕಾಯಬೇಕು. ರೈತರ ನಾಡಿನಲ್ಲಿ, ಮಣ್ಣಿನ ಮಕ್ಕಳ ಭೂಮಿಯಲ್ಲಿ ಶ್ರಮಜೀವಿಗಳ ನೆಲದಲ್ಲಿ ಆತ್ಮಾವಲೋಕನ ಒಂದಿಲ್ಲದೆ ಮತ್ತೆ ಹೊಸ ಕನಸುಗಳು ಚಿಗುರಲಿ, ಹೊಸ ಬೆಳಕು ಮೂಡಲಿ, ರೈತರೇ ಸ್ವಾಭಿಮಾನದ ಆರ್ಥಿಕತೆಯ ಬೆನ್ನೆಲುಬು ಎಂಬ ಸಾಬೀತಾಗಲಿ, ನಮ್ಮೆಲ್ಲರ ಬದುಕು ಹಸನಾಗಲಿ.

ಕ್ಷಮಿಸಿ, ಇದು ಯಾರ ವಿರುದ್ಧದ ದ್ವೇಷವೂ ಅಲ್ಲ, ನಮ್ಮ ಮನಸ್ಸಿನ ಜಾಗೃತಿಗಾಗಿ, ನಮ್ಮ ಗಮನ ಸೆಳೆಯಲು, ರೈತರ ಶ್ರಮವನ್ನು ನಿಮಗೆ ನೆನಪಿಸಲು, ಸದಾ ನಿಮ್ಮೊಂದಿಗೆ...

ಪ್ರಬುದ್ಧ ಮನಸ್ಸು ಪ್ರಬುದ್ಧ ಸಮಾಜ,
ಜನರ ಜಾಗೃತಿಗಾಗಿ ಸಂವಾದಗಳ ಮೂಲಕ,
ಮುಖಾಮುಖಿ – ಮನಸ್ಸುಗಳ – ನಡುವೆ –
ಪರಿವರ್ತನೆಗಾಗಿ, ಮತ್ತು ಆಂತರಂಗದ
ಚಳುವಳಿ.
ವಿವೇಕಾನಂದ. ಎಚ್. ಕೆ.
9663750451.......
9844013068......
